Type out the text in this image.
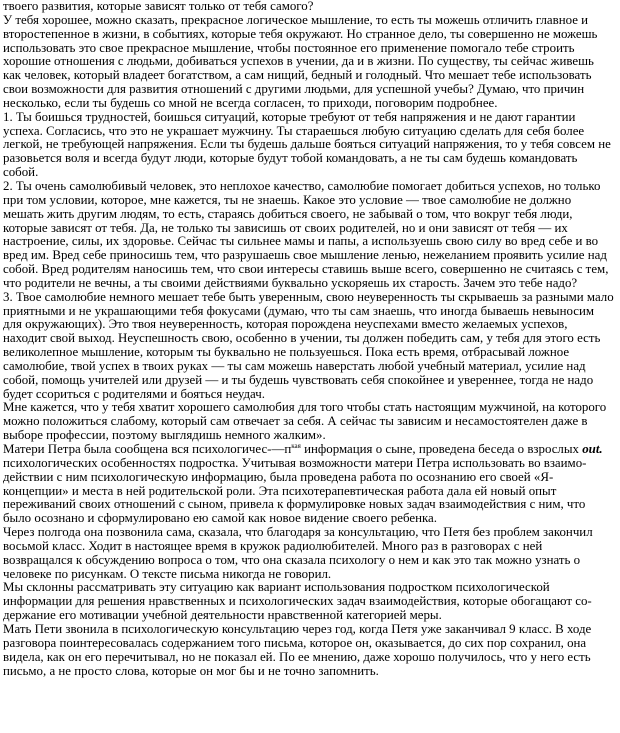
твоего развития, которые зависят только от тебя самого?

У тебя хорошее, можно сказать, прекрасное логическое мышление, то есть ты можешь отличить главное и второстепенное в жизни, в событиях, которые тебя окружают. Но странное дело, ты совершенно не можешь использовать это свое прекрасное мышление, чтобы постоянное его применение помогало тебе строить хорошие отношения с людьми, добиваться успехов в учении, да и в жизни. По существу, ты сейчас живешь как человек, который владеет богатством, а сам нищий, бедный и голодный. Что мешает тебе использовать свои возможности для развития отношений с другими людьми, для успешной учебы? Думаю, что причин несколько, если ты будешь со мной не всегда согласен, то приходи, поговорим подробнее.

1. Ты боишься трудностей, боишься ситуаций, которые требуют от тебя напряжения и не дают гарантии успеха. Согласись, что это не украшает мужчину. Ты стараешься любую ситуацию сделать для себя более легкой, не требующей напряжения. Если ты будешь дальше бояться ситуаций напряжения, то у тебя совсем не разовьется воля и всегда будут люди, которые будут тобой командовать, а не ты сам будешь командовать собой.

2. Ты очень самолюбивый человек, это неплохое качество, самолюбие помогает добиться успехов, но только при том условии, которое, мне кажется, ты не знаешь. Какое это условие — твое самолюбие не должно мешать жить другим людям, то есть, стараясь добиться своего, не забывай о том, что вокруг тебя люди, которые зависят от тебя. Да, не только ты зависишь от своих родителей, но и они зависят от тебя — их настроение, силы, их здоровье. Сейчас ты сильнее мамы и папы, а используешь свою силу во вред себе и во вред им. Вред себе приносишь тем, что разрушаешь свое мышление ленью, нежеланием проявить усилие над собой. Вред родителям наносишь тем, что свои интересы ставишь выше всего, совершенно не считаясь с тем, что родители не вечны, а ты своими действиями буквально ускоряешь их старость. Зачем это тебе надо?

3. Твое самолюбие немного мешает тебе быть уверенным, свою неуверенность ты скрываешь за разными мало приятными и не украшающими тебя фокусами (думаю, что ты сам знаешь, что иногда бываешь невыносим для окружающих). Это твоя неуверенность, которая порождена неуспехами вместо желаемых успехов, находит свой выход. Неуспешность свою, особенно в учении, ты должен победить сам, у тебя для этого есть великолепное мышление, которым ты буквально не пользуешься. Пока есть время, отбрасывай ложное самолюбие, твой успех в твоих руках — ты сам можешь наверстать любой учебный материал, усилие над собой, помощь учителей или друзей — и ты будешь чувствовать себя спокойнее и увереннее, тогда не надо будет ссориться с родителями и бояться неудач.

Мне кажется, что у тебя хватит хорошего самолюбия для того чтобы стать настоящим мужчиной, на которого можно положиться слабому, который сам отвечает за себя. А сейчас ты зависим и несамостоятелен даже в выборе профессии, поэтому выглядишь немного жалким».

Матери Петра была сообщена вся психологичес-$—п^{кая}$ информация о сыне, проведена беседа о взрослых out. психологических особенностях подростка. Учитывая возможности матери Петра использовать во взаимо-действии с ним психологическую информацию, была проведена работа по осознанию его своей «Я-концепции» и места в ней родительской роли. Эта психотерапевтическая работа дала ей новый опыт переживаний своих отношений с сыном, привела к формулировке новых задач взаимодействия с ним, что было осознано и сформулировано ею самой как новое видение своего ребенка.

Через полгода она позвонила сама, сказала, что благодаря за консультацию, что Петя без проблем закончил восьмой класс. Ходит в настоящее время в кружок радиолюбителей. Много раз в разговорах с ней возвращался к обсуждению вопроса о том, что она сказала психологу о нем и как это так можно узнать о человеке по рисункам. О тексте письма никогда не говорил.

Мы склонны рассматривать эту ситуацию как вариант использования подростком психологической информации для решения нравственных и психологических задач взаимодействия, которые обогащают со-держание его мотивации учебной деятельности нравственной категорией меры.

Мать Пети звонила в психологическую консультацию через год, когда Петя уже заканчивал 9 класс. В ходе разговора поинтересовалась содержанием того письма, которое он, оказывается, до сих пор сохранил, она видела, как он его перечитывал, но не показал ей. По ее мнению, даже хорошо получилось, что у него есть письмо, а не просто слова, которые он мог бы и не точно запомнить.
